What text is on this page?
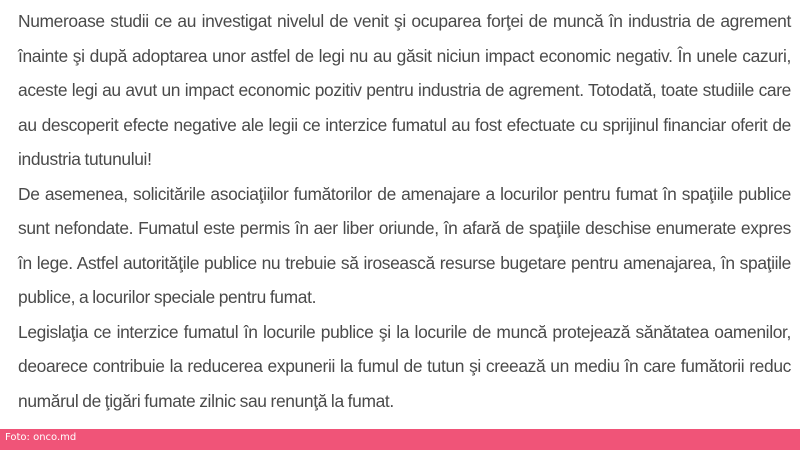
Numeroase studii ce au investigat nivelul de venit şi ocuparea forţei de muncă în industria de agrement înainte şi după adoptarea unor astfel de legi nu au găsit niciun impact economic negativ. În unele cazuri, aceste legi au avut un impact economic pozitiv pentru industria de agrement. Totodată, toate studiile care au descoperit efecte negative ale legii ce interzice fumatul au fost efectuate cu sprijinul financiar oferit de industria tutunului!

De asemenea, solicitările asociaţiilor fumătorilor de amenajare a locurilor pentru fumat în spaţiile publice sunt nefondate. Fumatul este permis în aer liber oriunde, în afară de spaţiile deschise enumerate expres în lege. Astfel autorităţile publice nu trebuie să irosească resurse bugetare pentru amenajarea, în spaţiile publice, a locurilor speciale pentru fumat.

Legislaţia ce interzice fumatul în locurile publice şi la locurile de muncă protejează sănătatea oamenilor, deoarece contribuie la reducerea expunerii la fumul de tutun şi creează un mediu în care fumătorii reduc numărul de ţigări fumate zilnic sau renunţă la fumat.

Foto: onco.md
